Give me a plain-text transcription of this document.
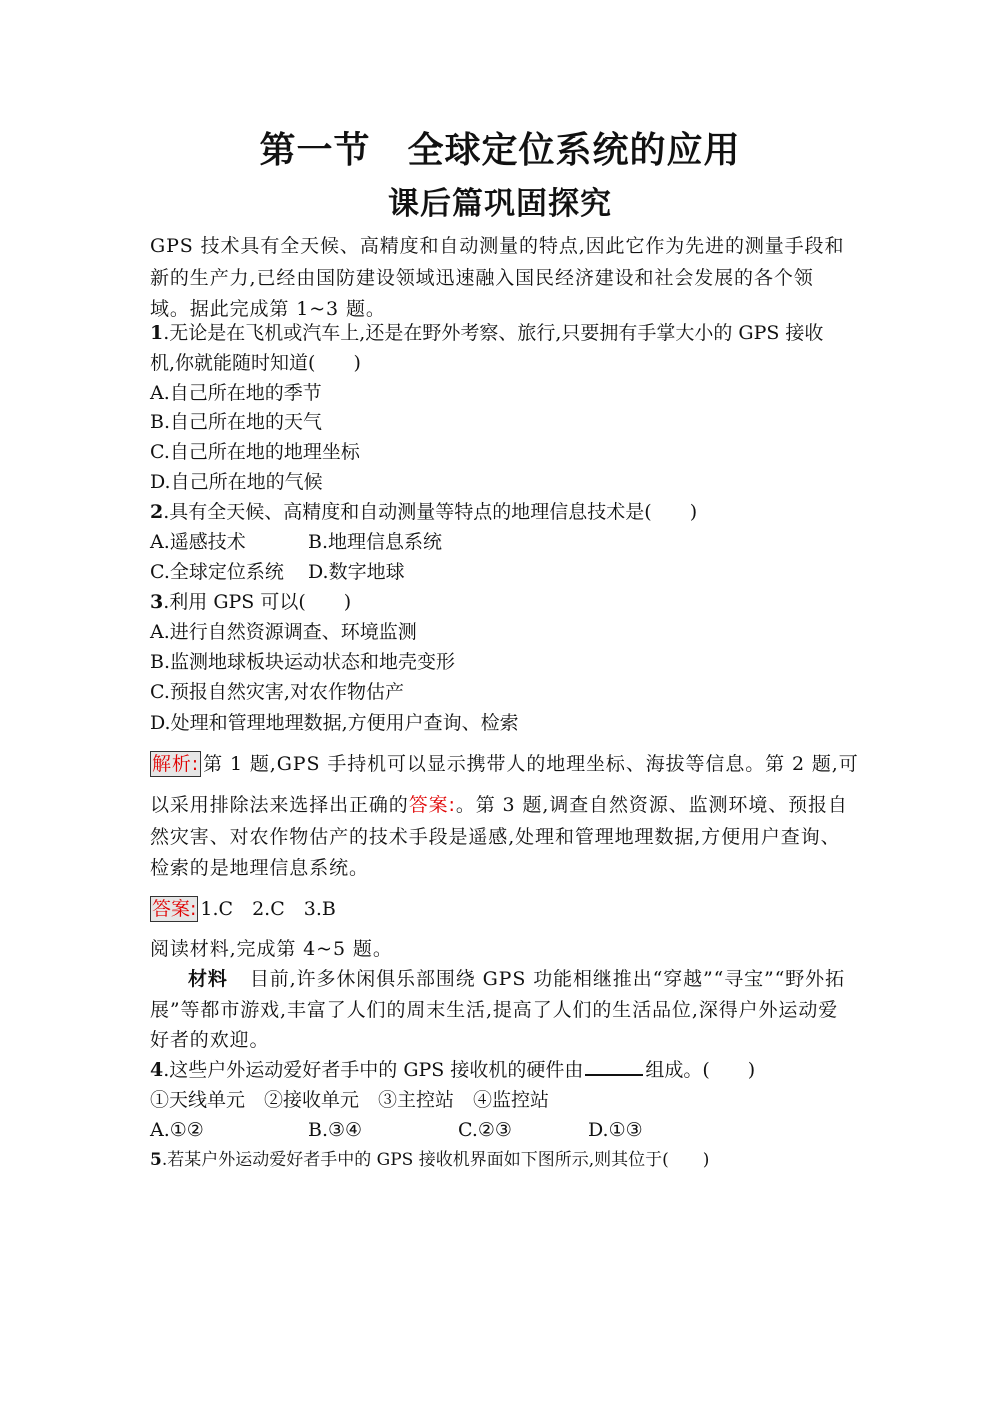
第一节　全球定位系统的应用
课后篇巩固探究
GPS 技术具有全天候、高精度和自动测量的特点,因此它作为先进的测量手段和
新的生产力,已经由国防建设领域迅速融入国民经济建设和社会发展的各个领
域。据此完成第 1~3 题。
1.无论是在飞机或汽车上,还是在野外考察、旅行,只要拥有手掌大小的 GPS 接收
机,你就能随时知道(　　)
A.自己所在地的季节
B.自己所在地的天气
C.自己所在地的地理坐标
D.自己所在地的气候
2.具有全天候、高精度和自动测量等特点的地理信息技术是(　　)
A.遥感技术	B.地理信息系统
C.全球定位系统 D.数字地球
3.利用 GPS 可以(　　)
A.进行自然资源调查、环境监测
B.监测地球板块运动状态和地壳变形
C.预报自然灾害,对农作物估产
D.处理和管理地理数据,方便用户查询、检索
解析: 第 1 题,GPS 手持机可以显示携带人的地理坐标、海拔等信息。第 2 题,可
以采用排除法来选择出正确的答案:。第 3 题,调查自然资源、监测环境、预报自
然灾害、对农作物估产的技术手段是遥感,处理和管理地理数据,方便用户查询、
检索的是地理信息系统。
答案: 1.C　2.C　3.B
阅读材料,完成第 4~5 题。
材料 目前,许多休闲俱乐部围绕 GPS 功能相继推出“穿越”“寻宝”“野外拓
展”等都市游戏,丰富了人们的周末生活,提高了人们的生活品位,深得户外运动爱
好者的欢迎。
4.这些户外运动爱好者手中的 GPS 接收机的硬件由	组成。(　　)
①天线单元　②接收单元　③主控站　④监控站
A.①②	B.③④	C.②③	D.①③
5.若某户外运动爱好者手中的 GPS 接收机界面如下图所示,则其位于(　　)
